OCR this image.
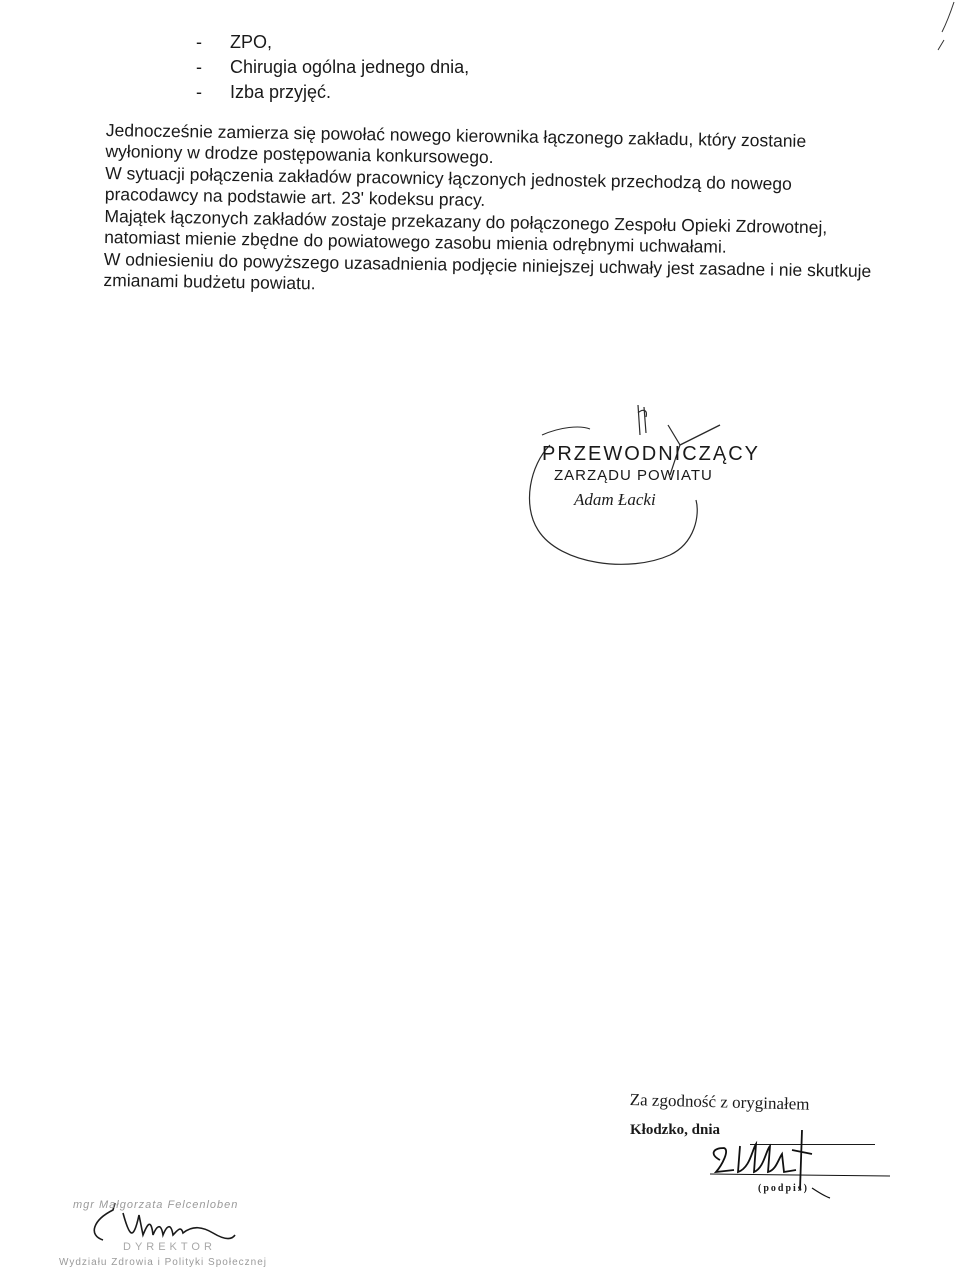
- ZPO,
- Chirugia ogólna jednego dnia,
- Izba przyjęć.

Jednocześnie zamierza się powołać nowego kierownika łączonego zakładu, który zostanie wyłoniony w drodze postępowania konkursowego.

W sytuacji połączenia zakładów pracownicy łączonych jednostek przechodzą do nowego pracodawcy na podstawie art. 23' kodeksu pracy.

Majątek łączonych zakładów zostaje przekazany do połączonego Zespołu Opieki Zdrowotnej, natomiast mienie zbędne do powiatowego zasobu mienia odrębnymi uchwałami.

W odniesieniu do powyższego uzasadnienia podjęcie niniejszej uchwały jest zasadne i nie skutkuje zmianami budżetu powiatu.

PRZEWODNICZĄCY
ZARZĄDU POWIATU
Adam Łacki
Za zgodność z oryginałem
Kłodzko, dnia
(podpis)
mgr Małgorzata Felcenloben
DYREKTOR
Wydziału Zdrowia i Polityki Społecznej
